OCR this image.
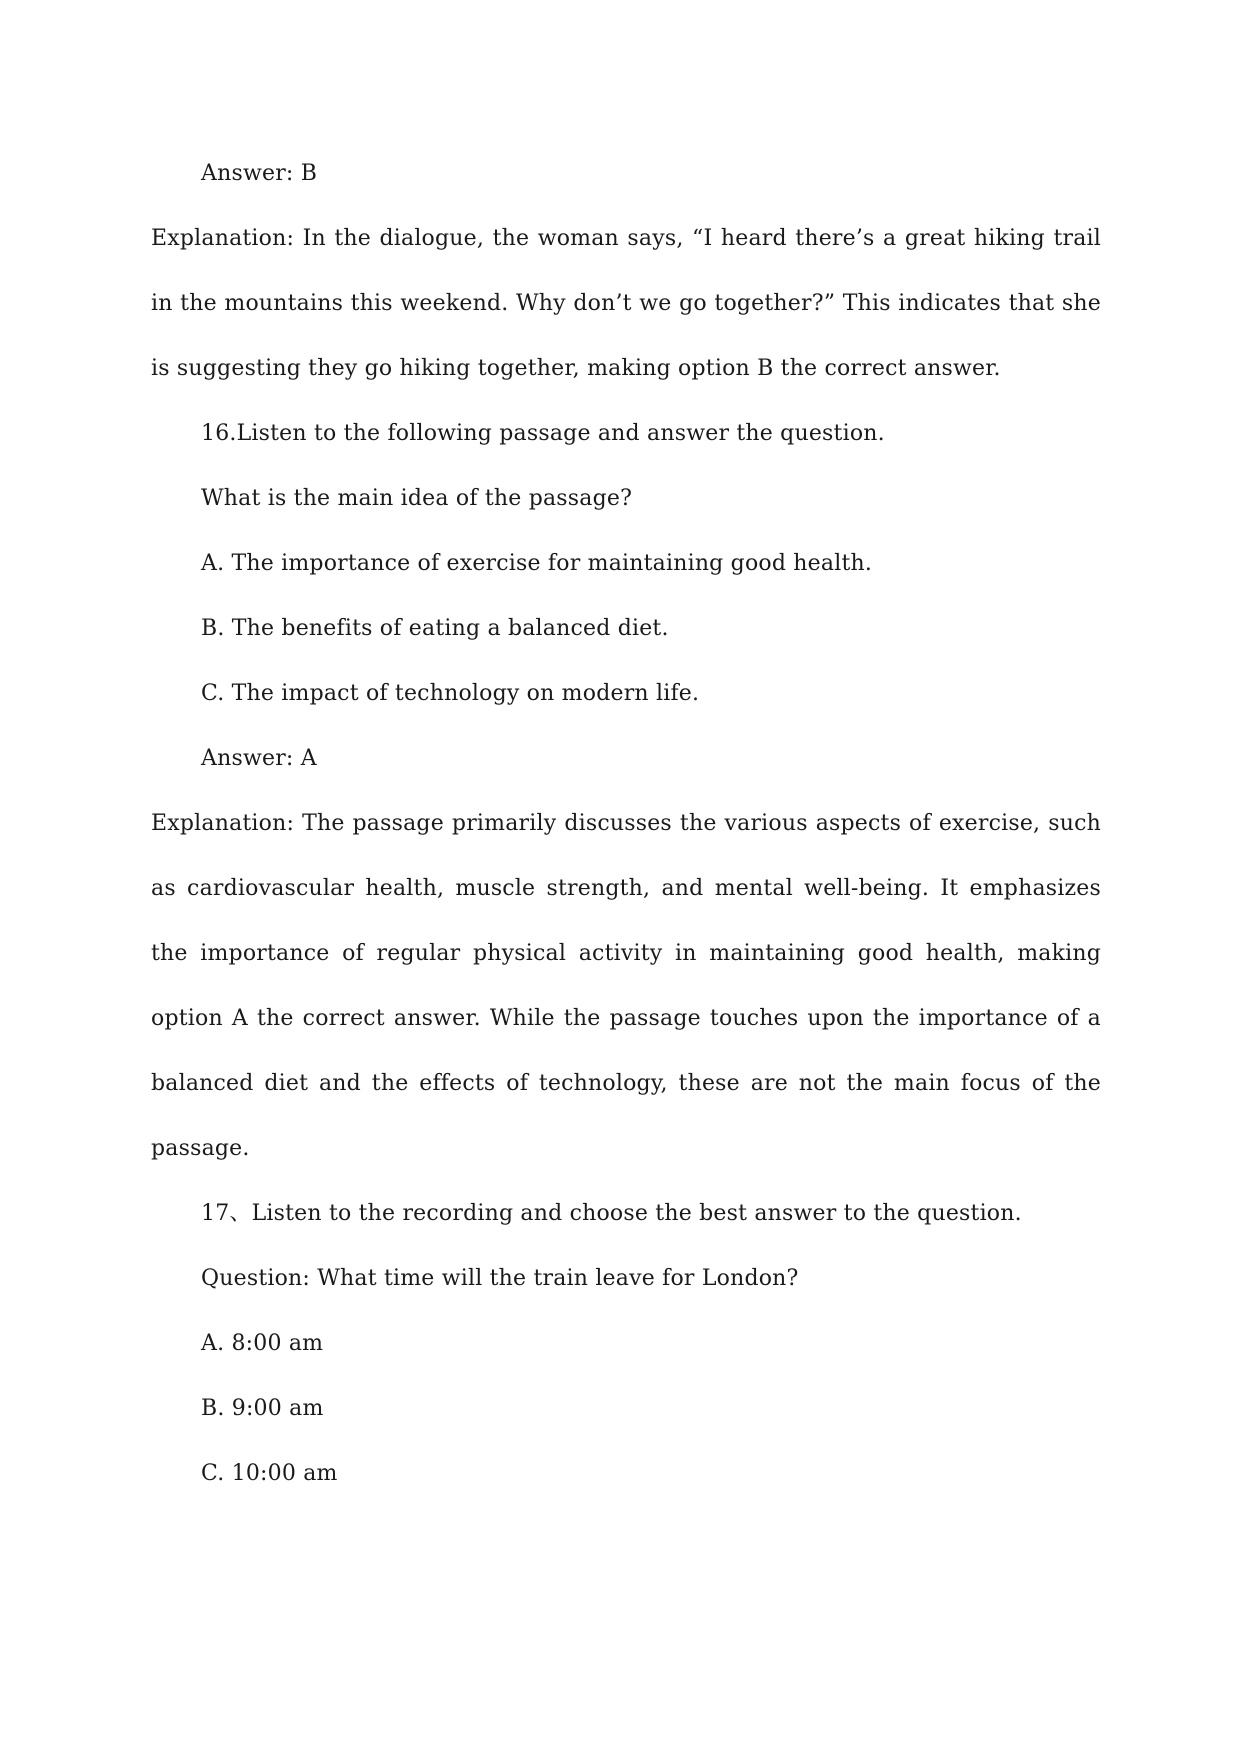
Answer: B

Explanation: In the dialogue, the woman says, “I heard there’s a great hiking trail in the mountains this weekend. Why don’t we go together?” This indicates that she is suggesting they go hiking together, making option B the correct answer.

16.Listen to the following passage and answer the question.

What is the main idea of the passage?

A. The importance of exercise for maintaining good health.

B. The benefits of eating a balanced diet.

C. The impact of technology on modern life.

Answer: A

Explanation: The passage primarily discusses the various aspects of exercise, such as cardiovascular health, muscle strength, and mental well-being. It emphasizes the importance of regular physical activity in maintaining good health, making option A the correct answer. While the passage touches upon the importance of a balanced diet and the effects of technology, these are not the main focus of the passage.

17、Listen to the recording and choose the best answer to the question.

Question: What time will the train leave for London?

A. 8:00 am

B. 9:00 am

C. 10:00 am
